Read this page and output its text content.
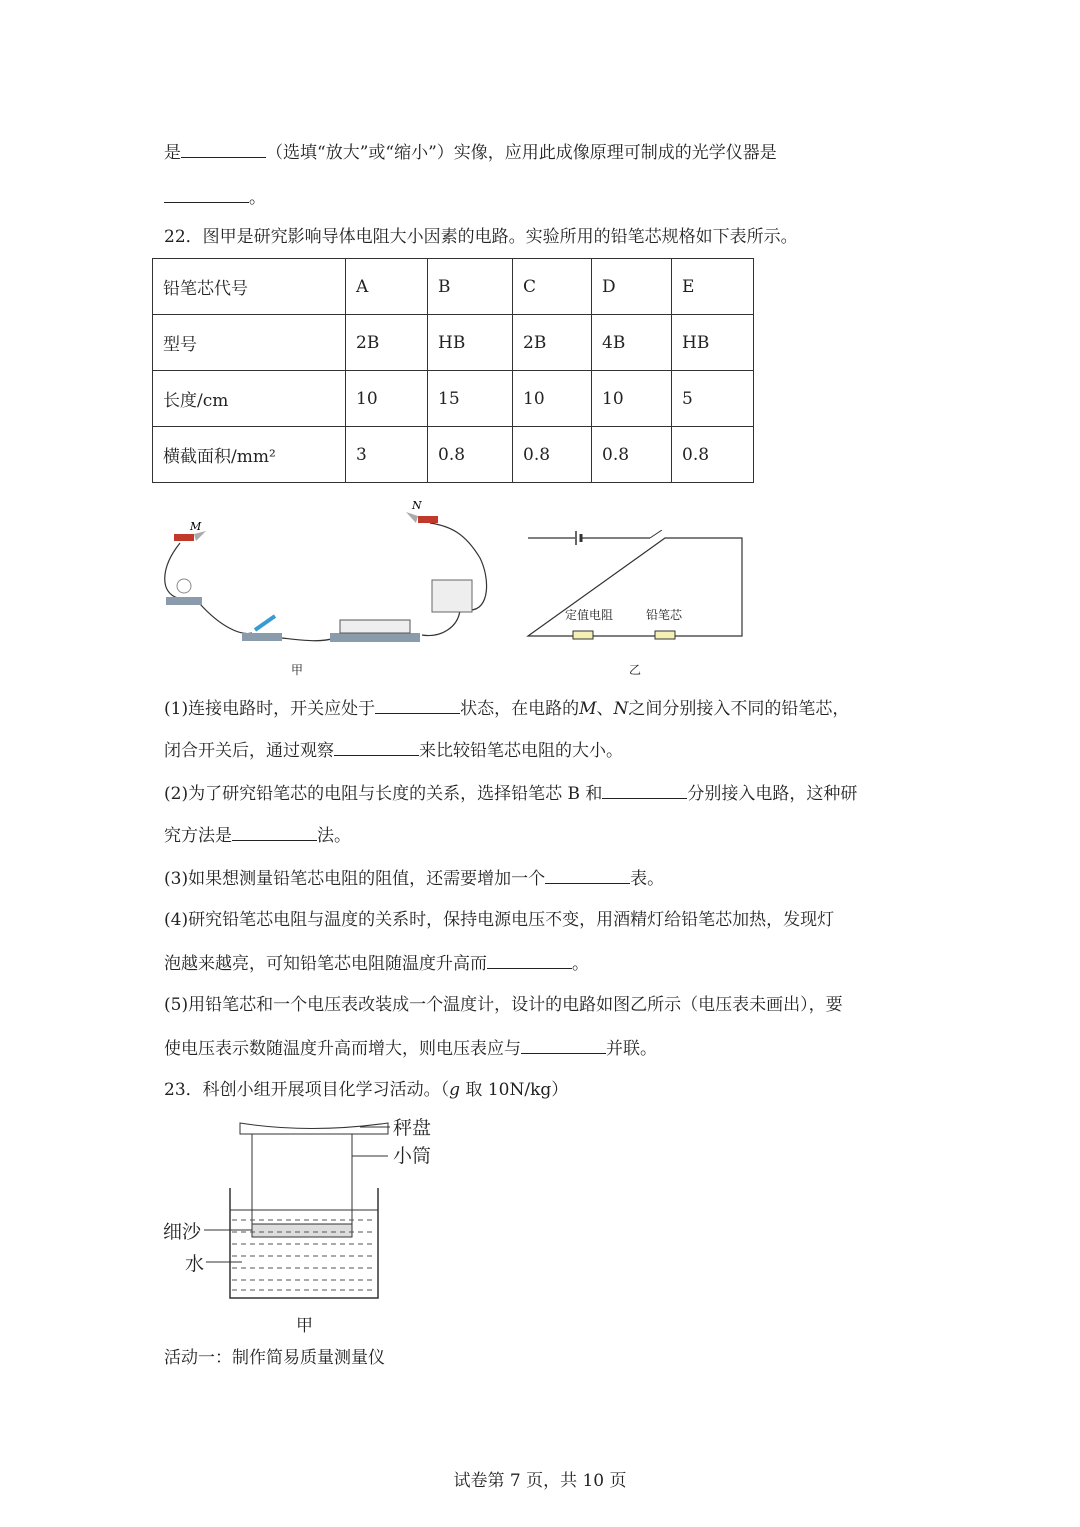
是	（选填“放大”或“缩小”）实像，应用此成像原理可制成的光学仪器是
。
22．图甲是研究影响导体电阻大小因素的电路。实验所用的铅笔芯规格如下表所示。
铅笔芯代号	A	B	C	D	E
型号	2B	HB	2B	4B	HB
长度/cm	10	15	10	10	5
横截面积/mm²	3	0.8	0.8	0.8	0.8
M
N
甲
定值电阻	铅笔芯
乙
(1)连接电路时，开关应处于	状态，在电路的M、N之间分别接入不同的铅笔芯，
闭合开关后，通过观察	来比较铅笔芯电阻的大小。
(2)为了研究铅笔芯的电阻与长度的关系，选择铅笔芯 B 和	分别接入电路，这种研
究方法是	法。
(3)如果想测量铅笔芯电阻的阻值，还需要增加一个	表。
(4)研究铅笔芯电阻与温度的关系时，保持电源电压不变，用酒精灯给铅笔芯加热，发现灯
泡越来越亮，可知铅笔芯电阻随温度升高而	。
(5)用铅笔芯和一个电压表改装成一个温度计，设计的电路如图乙所示（电压表未画出），要
使电压表示数随温度升高而增大，则电压表应与	并联。
23．科创小组开展项目化学习活动。（g 取 10N/kg）
秤盘
小筒
细沙
水
甲
活动一：制作简易质量测量仪
试卷第 7 页，共 10 页
